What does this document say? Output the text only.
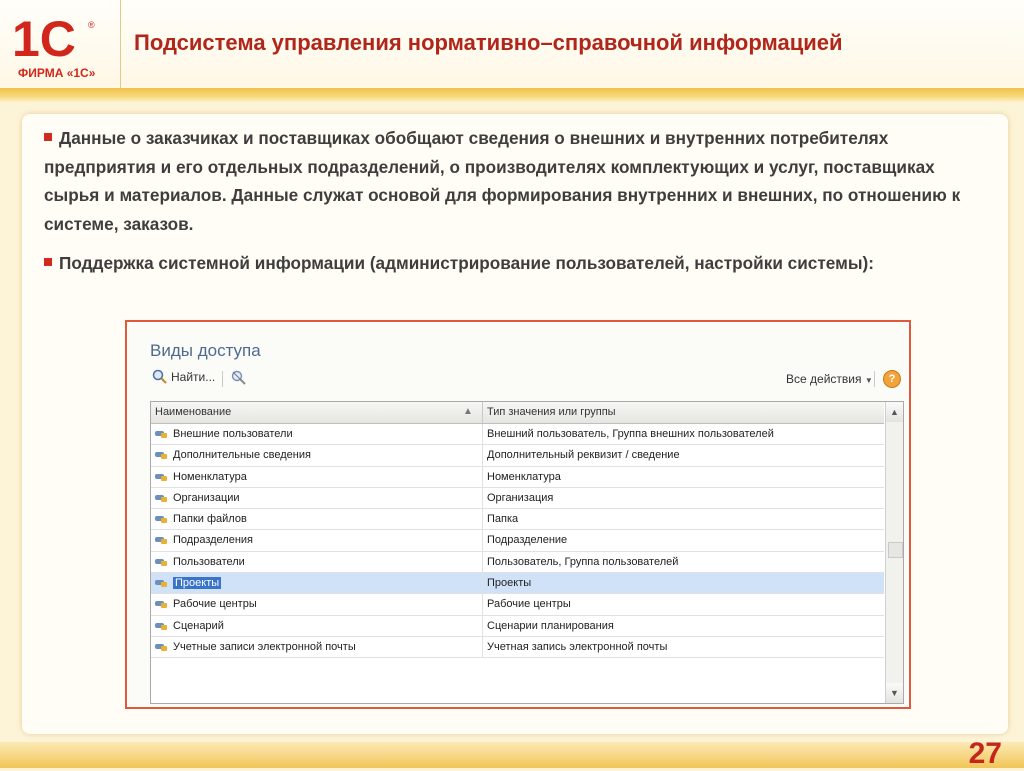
1С ®
ФИРМА «1С»
Подсистема управления нормативно–справочной информацией
Данные о заказчиках и поставщиках обобщают сведения о внешних и внутренних потребителях предприятия и его отдельных подразделений, о производителях комплектующих и услуг, поставщиках сырья и материалов. Данные служат основой для формирования внутренних и внешних, по отношению к системе, заказов.
Поддержка системной информации (администрирование пользователей, настройки системы):
Виды доступа
Найти...	Все действия ▼	?
Наименование	▲ Тип значения или группы
Внешние пользователи	Внешний пользователь, Группа внешних пользователей
Дополнительные сведения	Дополнительный реквизит / сведение
Номенклатура	Номенклатура
Организации	Организация
Папки файлов	Папка
Подразделения	Подразделение
Пользователи	Пользователь, Группа пользователей
Проекты	Проекты
Рабочие центры	Рабочие центры
Сценарий	Сценарии планирования
Учетные записи электронной почты	Учетная запись электронной почты
▲
▼
27
